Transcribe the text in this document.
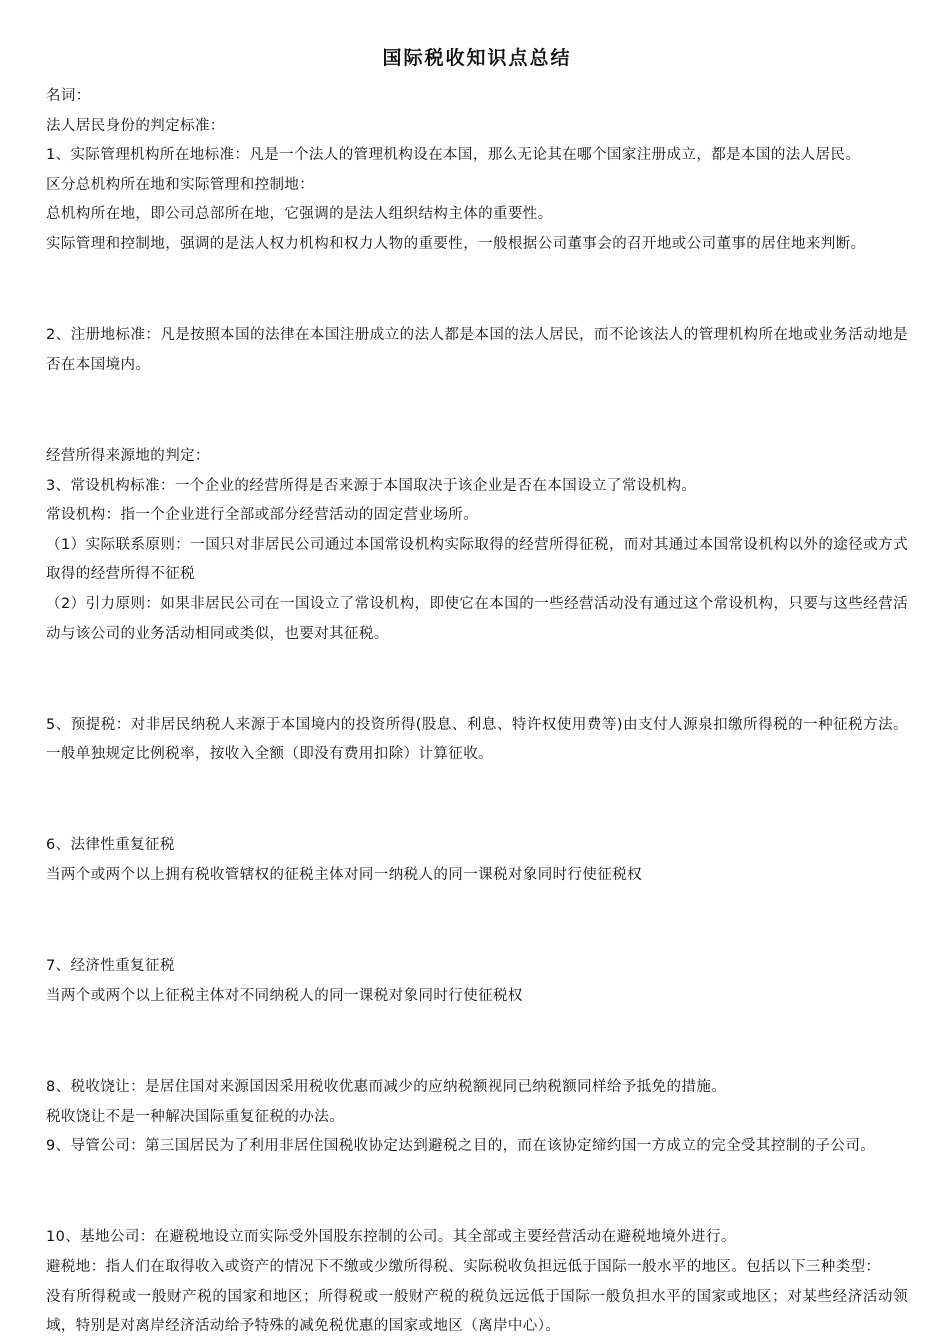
国际税收知识点总结

名词：

法人居民身份的判定标准：

1、实际管理机构所在地标准：凡是一个法人的管理机构设在本国，那么无论其在哪个国家注册成立，都是本国的法人居民。

区分总机构所在地和实际管理和控制地：

总机构所在地，即公司总部所在地，它强调的是法人组织结构主体的重要性。

实际管理和控制地，强调的是法人权力机构和权力人物的重要性，一般根据公司董事会的召开地或公司董事的居住地来判断。

2、注册地标准：凡是按照本国的法律在本国注册成立的法人都是本国的法人居民，而不论该法人的管理机构所在地或业务活动地是否在本国境内。

经营所得来源地的判定：

3、常设机构标准：一个企业的经营所得是否来源于本国取决于该企业是否在本国设立了常设机构。

常设机构：指一个企业进行全部或部分经营活动的固定营业场所。

（1）实际联系原则：一国只对非居民公司通过本国常设机构实际取得的经营所得征税，而对其通过本国常设机构以外的途径或方式取得的经营所得不征税

（2）引力原则：如果非居民公司在一国设立了常设机构，即使它在本国的一些经营活动没有通过这个常设机构，只要与这些经营活动与该公司的业务活动相同或类似，也要对其征税。

5、预提税：对非居民纳税人来源于本国境内的投资所得(股息、利息、特许权使用费等)由支付人源泉扣缴所得税的一种征税方法。一般单独规定比例税率，按收入全额（即没有费用扣除）计算征收。

6、法律性重复征税

当两个或两个以上拥有税收管辖权的征税主体对同一纳税人的同一课税对象同时行使征税权

7、经济性重复征税

当两个或两个以上征税主体对不同纳税人的同一课税对象同时行使征税权

8、税收饶让：是居住国对来源国因采用税收优惠而减少的应纳税额视同已纳税额同样给予抵免的措施。

税收饶让不是一种解决国际重复征税的办法。

9、导管公司：第三国居民为了利用非居住国税收协定达到避税之目的，而在该协定缔约国一方成立的完全受其控制的子公司。

10、基地公司：在避税地设立而实际受外国股东控制的公司。其全部或主要经营活动在避税地境外进行。

避税地：指人们在取得收入或资产的情况下不缴或少缴所得税、实际税收负担远低于国际一般水平的地区。包括以下三种类型：

没有所得税或一般财产税的国家和地区；所得税或一般财产税的税负远远低于国际一般负担水平的国家或地区；对某些经济活动领域，特别是对离岸经济活动给予特殊的减免税优惠的国家或地区（离岸中心）。
